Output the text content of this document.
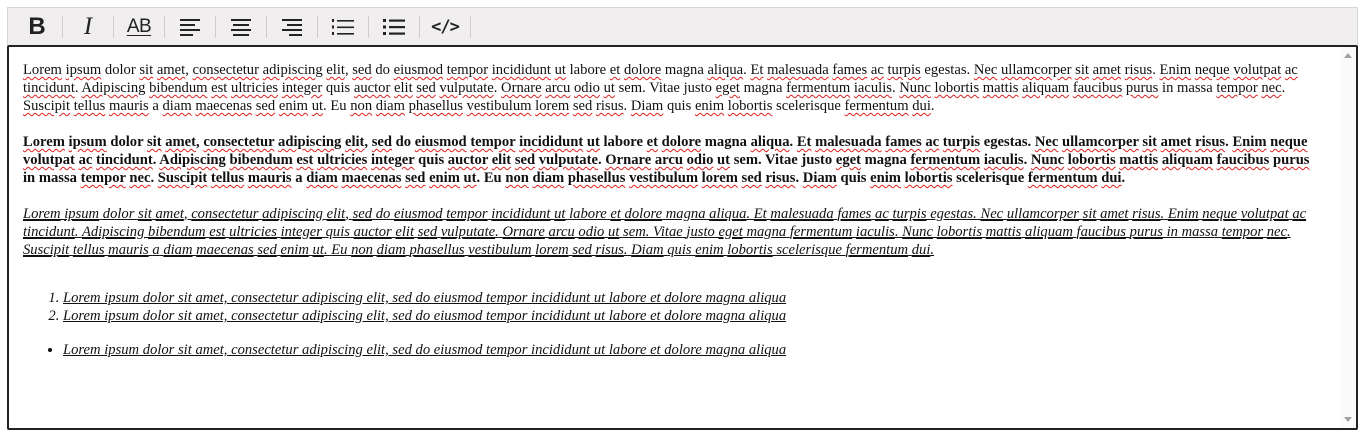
B I AB	</>

Lorem ipsum dolor sit amet, consectetur adipiscing elit, sed do eiusmod tempor incididunt ut labore et dolore magna aliqua. Et malesuada fames ac turpis egestas. Nec ullamcorper sit amet risus. Enim neque volutpat ac tincidunt. Adipiscing bibendum est ultricies integer quis auctor elit sed vulputate. Ornare arcu odio ut sem. Vitae justo eget magna fermentum iaculis. Nunc lobortis mattis aliquam faucibus purus in massa tempor nec. Suscipit tellus mauris a diam maecenas sed enim ut. Eu non diam phasellus vestibulum lorem sed risus. Diam quis enim lobortis scelerisque fermentum dui.

Lorem ipsum dolor sit amet, consectetur adipiscing elit, sed do eiusmod tempor incididunt ut labore et dolore magna aliqua. Et malesuada fames ac turpis egestas. Nec ullamcorper sit amet risus. Enim neque volutpat ac tincidunt. Adipiscing bibendum est ultricies integer quis auctor elit sed vulputate. Ornare arcu odio ut sem. Vitae justo eget magna fermentum iaculis. Nunc lobortis mattis aliquam faucibus purus in massa tempor nec. Suscipit tellus mauris a diam maecenas sed enim ut. Eu non diam phasellus vestibulum lorem sed risus. Diam quis enim lobortis scelerisque fermentum dui.

Lorem ipsum dolor sit amet, consectetur adipiscing elit, sed do eiusmod tempor incididunt ut labore et dolore magna aliqua. Et malesuada fames ac turpis egestas. Nec ullamcorper sit amet risus. Enim neque volutpat ac tincidunt. Adipiscing bibendum est ultricies integer quis auctor elit sed vulputate. Ornare arcu odio ut sem. Vitae justo eget magna fermentum iaculis. Nunc lobortis mattis aliquam faucibus purus in massa tempor nec. Suscipit tellus mauris a diam maecenas sed enim ut. Eu non diam phasellus vestibulum lorem sed risus. Diam quis enim lobortis scelerisque fermentum dui.

1. Lorem ipsum dolor sit amet, consectetur adipiscing elit, sed do eiusmod tempor incididunt ut labore et dolore magna aliqua
2. Lorem ipsum dolor sit amet, consectetur adipiscing elit, sed do eiusmod tempor incididunt ut labore et dolore magna aliqua
• Lorem ipsum dolor sit amet, consectetur adipiscing elit, sed do eiusmod tempor incididunt ut labore et dolore magna aliqua
